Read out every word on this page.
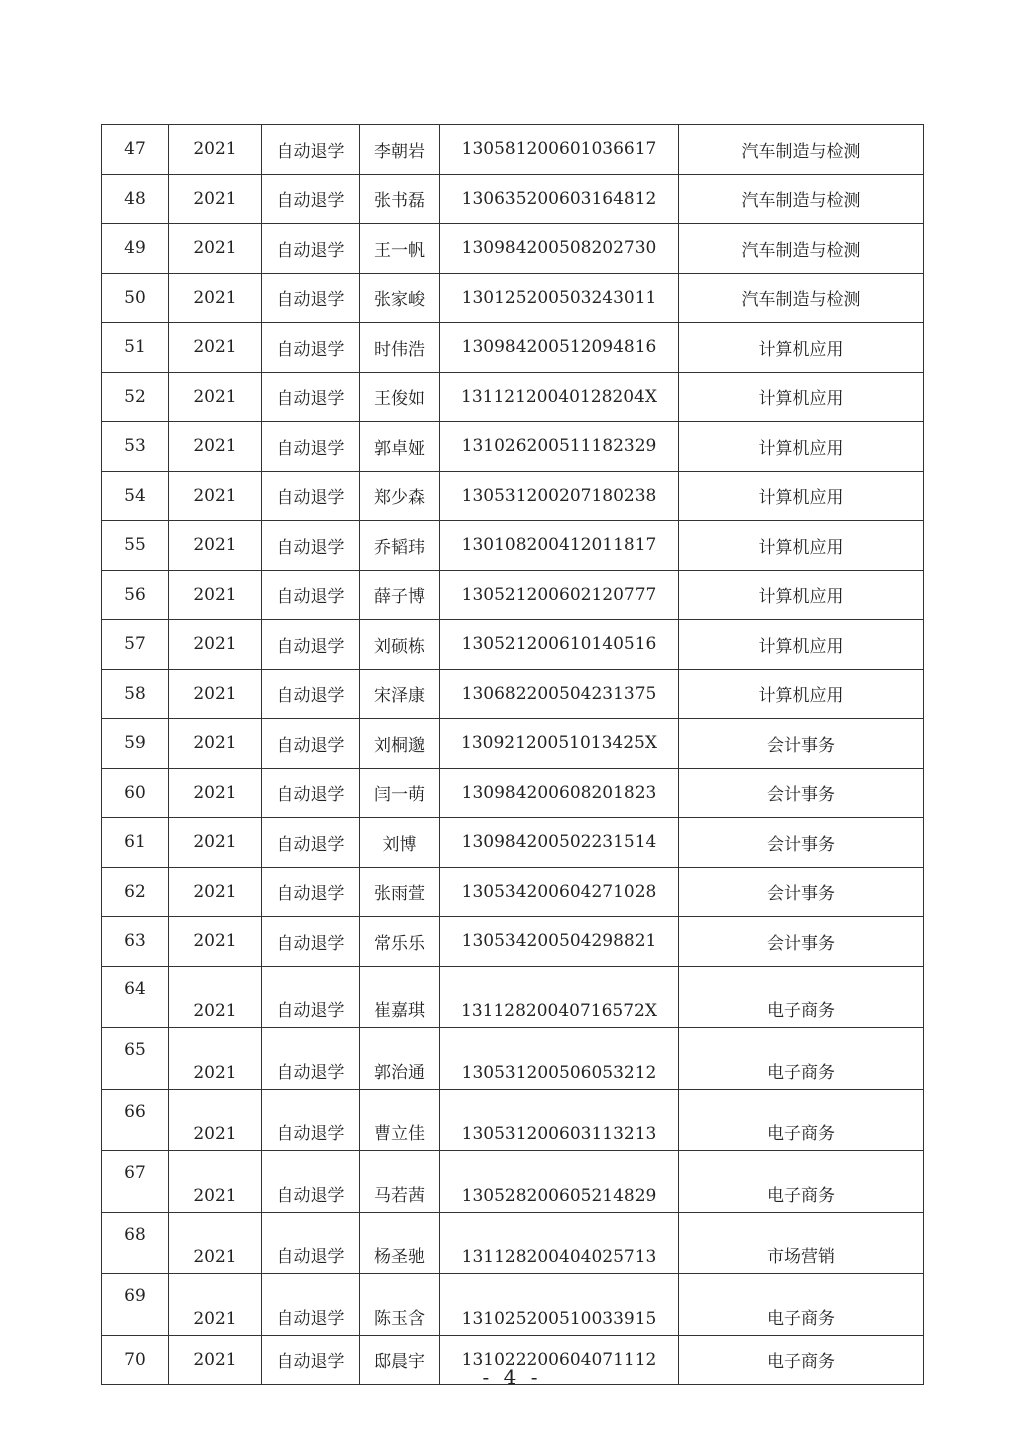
47	2021	自动退学	李朝岩	130581200601036617	汽车制造与检测
48	2021	自动退学	张书磊	130635200603164812	汽车制造与检测
49	2021	自动退学	王一帆	130984200508202730	汽车制造与检测
50	2021	自动退学	张家峻	130125200503243011	汽车制造与检测
51	2021	自动退学	时伟浩	130984200512094816	计算机应用
52	2021	自动退学	王俊如	13112120040128204X	计算机应用
53	2021	自动退学	郭卓娅	131026200511182329	计算机应用
54	2021	自动退学	郑少森	130531200207180238	计算机应用
55	2021	自动退学	乔韬玮	130108200412011817	计算机应用
56	2021	自动退学	薛子博	130521200602120777	计算机应用
57	2021	自动退学	刘硕栋	130521200610140516	计算机应用
58	2021	自动退学	宋泽康	130682200504231375	计算机应用
59	2021	自动退学	刘桐邈	13092120051013425X	会计事务
60	2021	自动退学	闫一萌	130984200608201823	会计事务
61	2021	自动退学	刘博	130984200502231514	会计事务
62	2021	自动退学	张雨萱	130534200604271028	会计事务
63	2021	自动退学	常乐乐	130534200504298821	会计事务
64	2021	自动退学	崔嘉琪	13112820040716572X	电子商务
65	2021	自动退学	郭治通	130531200506053212	电子商务
66	2021	自动退学	曹立佳	130531200603113213	电子商务
67	2021	自动退学	马若茜	130528200605214829	电子商务
68	2021	自动退学	杨圣驰	131128200404025713	市场营销
69	2021	自动退学	陈玉含	131025200510033915	电子商务
70	2021	自动退学	邸晨宇	131022200604071112	电子商务
- 4 -
